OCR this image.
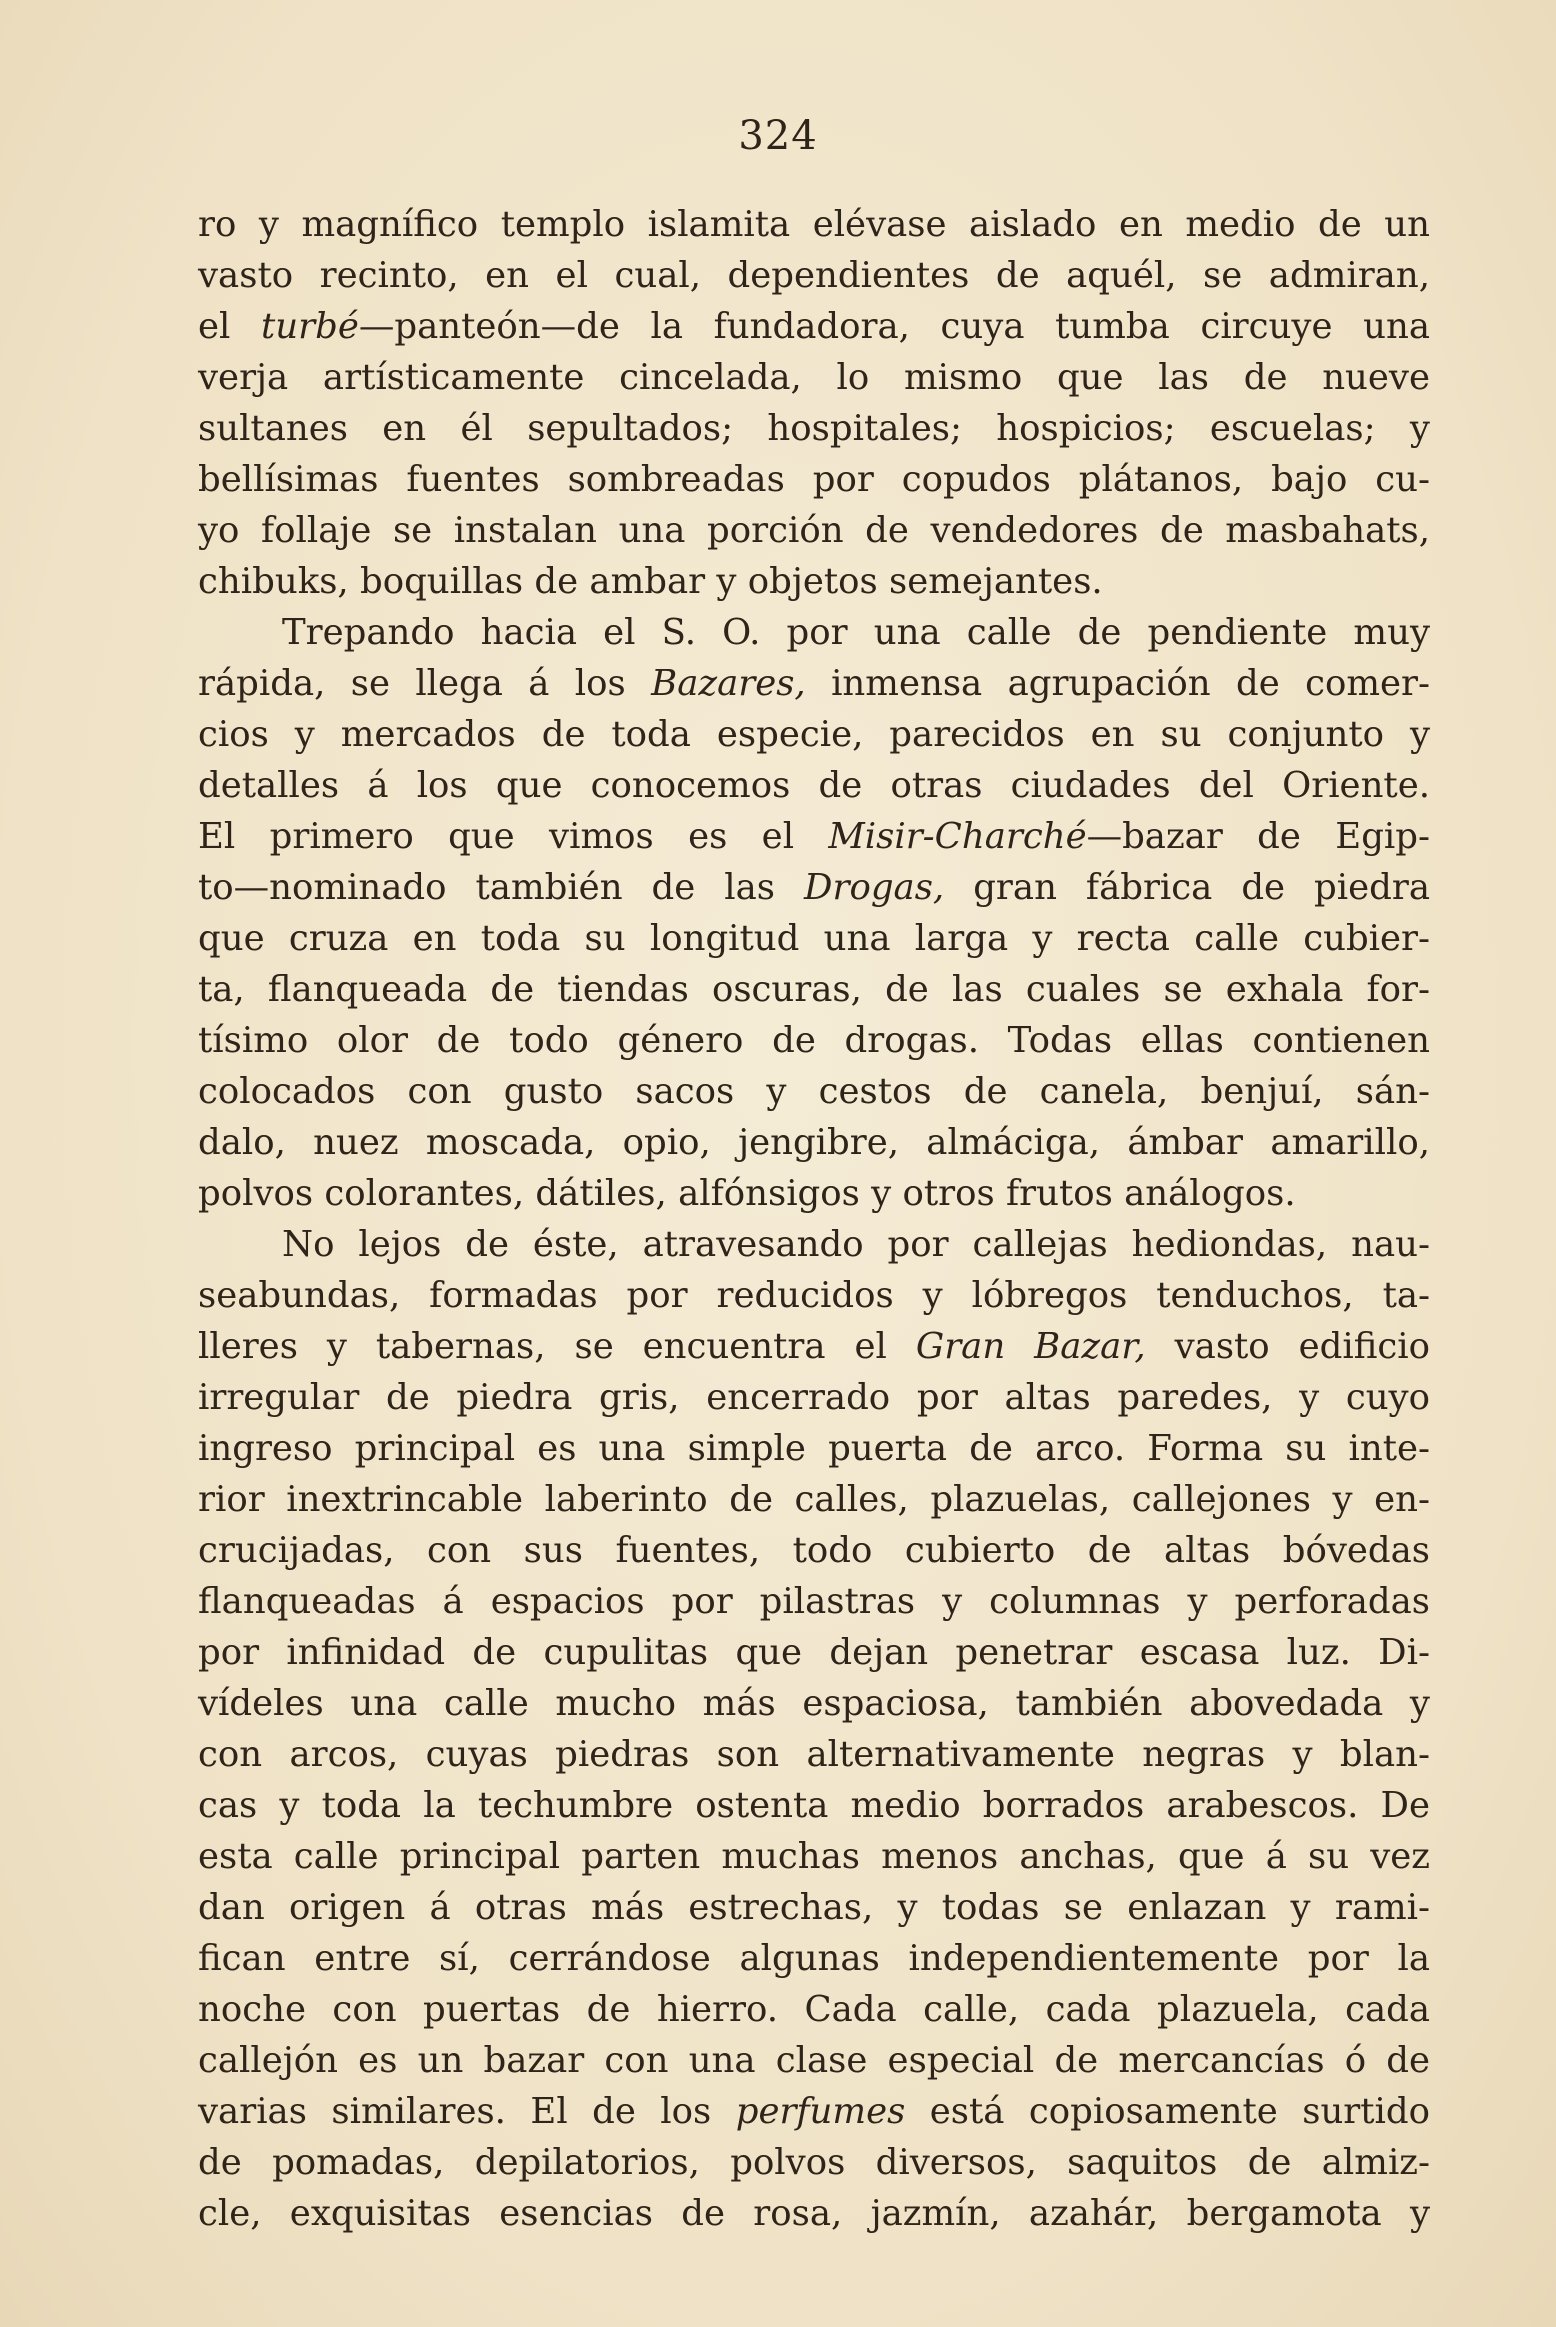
324
ro y magnífico templo islamita elévase aislado en medio de un
vasto recinto, en el cual, dependientes de aquél, se admiran,
el turbé—panteón—de la fundadora, cuya tumba circuye una
verja artísticamente cincelada, lo mismo que las de nueve
sultanes en él sepultados; hospitales; hospicios; escuelas; y
bellísimas fuentes sombreadas por copudos plátanos, bajo cu-
yo follaje se instalan una porción de vendedores de masbahats,
chibuks, boquillas de ambar y objetos semejantes.
Trepando hacia el S. O. por una calle de pendiente muy
rápida, se llega á los Bazares, inmensa agrupación de comer-
cios y mercados de toda especie, parecidos en su conjunto y
detalles á los que conocemos de otras ciudades del Oriente.
El primero que vimos es el Misir-Charché—bazar de Egip-
to—nominado también de las Drogas, gran fábrica de piedra
que cruza en toda su longitud una larga y recta calle cubier-
ta, flanqueada de tiendas oscuras, de las cuales se exhala for-
tísimo olor de todo género de drogas. Todas ellas contienen
colocados con gusto sacos y cestos de canela, benjuí, sán-
dalo, nuez moscada, opio, jengibre, almáciga, ámbar amarillo,
polvos colorantes, dátiles, alfónsigos y otros frutos análogos.
No lejos de éste, atravesando por callejas hediondas, nau-
seabundas, formadas por reducidos y lóbregos tenduchos, ta-
lleres y tabernas, se encuentra el Gran Bazar, vasto edificio
irregular de piedra gris, encerrado por altas paredes, y cuyo
ingreso principal es una simple puerta de arco. Forma su inte-
rior inextrincable laberinto de calles, plazuelas, callejones y en-
crucijadas, con sus fuentes, todo cubierto de altas bóvedas
flanqueadas á espacios por pilastras y columnas y perforadas
por infinidad de cupulitas que dejan penetrar escasa luz. Di-
vídeles una calle mucho más espaciosa, también abovedada y
con arcos, cuyas piedras son alternativamente negras y blan-
cas y toda la techumbre ostenta medio borrados arabescos. De
esta calle principal parten muchas menos anchas, que á su vez
dan origen á otras más estrechas, y todas se enlazan y rami-
fican entre sí, cerrándose algunas independientemente por la
noche con puertas de hierro. Cada calle, cada plazuela, cada
callejón es un bazar con una clase especial de mercancías ó de
varias similares. El de los perfumes está copiosamente surtido
de pomadas, depilatorios, polvos diversos, saquitos de almiz-
cle, exquisitas esencias de rosa, jazmín, azahár, bergamota y
